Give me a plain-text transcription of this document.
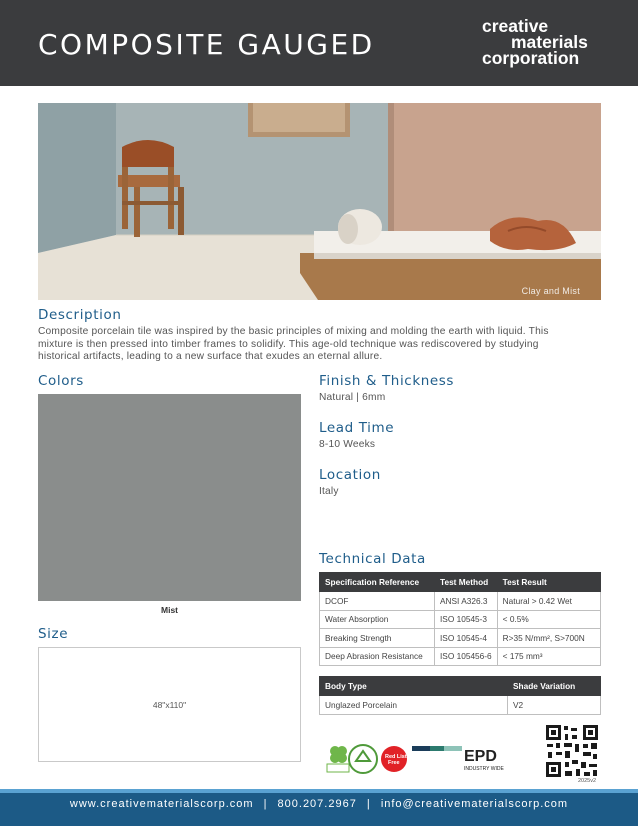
COMPOSITE GAUGED
creative
materials
corporation
Clay and Mist
Description
Composite porcelain tile was inspired by the basic principles of mixing and molding the earth with liquid. This
mixture is then pressed into timber frames to solidify. This age-old technique was rediscovered by studying
historical artifacts, leading to a new surface that exudes an eternal allure.
Colors
Mist
Size
48"x110"
Finish & Thickness
Natural | 6mm
Lead Time
8-10 Weeks
Location
Italy
Technical Data
Specification Reference	Test Method	Test Result
DCOF	ANSI A326.3	Natural > 0.42 Wet
Water Absorption	ISO 10545-3	< 0.5%
Breaking Strength	ISO 10545-4	R>35 N/mm², S>700N
Deep Abrasion Resistance	ISO 105456-6	< 175 mm³
Body Type	Shade Variation
Unglazed Porcelain	V2
Red List
Free	EPD
INDUSTRY WIDE
2025v2
www.creativematerialscorp.com | 800.207.2967 | info@creativematerialscorp.com
